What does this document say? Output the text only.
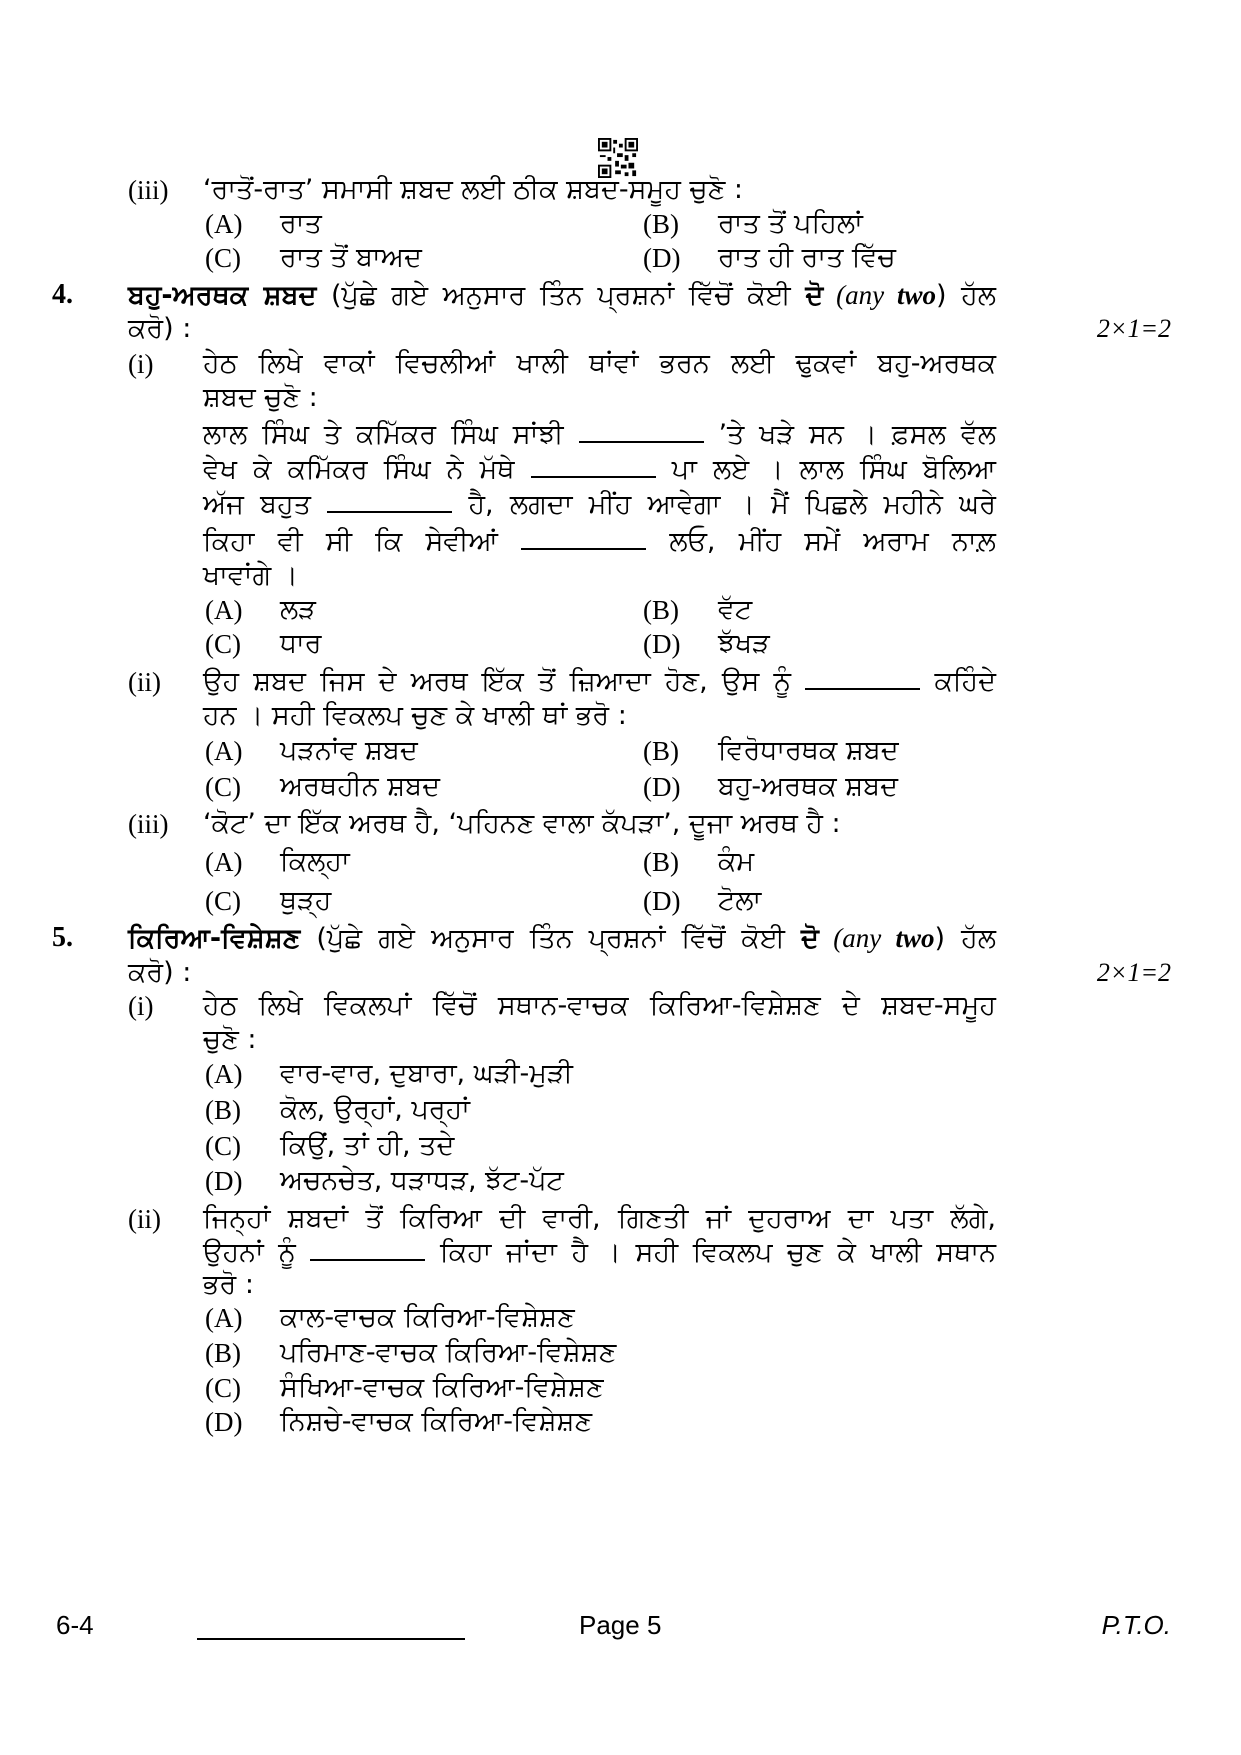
(iii) ‘ਰਾਤੋਂ-ਰਾਤ’ ਸਮਾਸੀ ਸ਼ਬਦ ਲਈ ਠੀਕ ਸ਼ਬਦ-ਸਮੂਹ ਚੁਣੋ :
(A) ਰਾਤ	(B) ਰਾਤ ਤੋਂ ਪਹਿਲਾਂ
(C) ਰਾਤ ਤੋਂ ਬਾਅਦ	(D) ਰਾਤ ਹੀ ਰਾਤ ਵਿੱਚ
4. ਬਹੁ-ਅਰਥਕ ਸ਼ਬਦ (ਪੁੱਛੇ ਗਏ ਅਨੁਸਾਰ ਤਿੰਨ ਪ੍ਰਸ਼ਨਾਂ ਵਿੱਚੋਂ ਕੋਈ ਦੋ (any two) ਹੱਲ
ਕਰੋ) :	2×1=2
(i) ਹੇਠ ਲਿਖੇ ਵਾਕਾਂ ਵਿਚਲੀਆਂ ਖਾਲੀ ਥਾਂਵਾਂ ਭਰਨ ਲਈ ਢੁਕਵਾਂ ਬਹੁ-ਅਰਥਕ
ਸ਼ਬਦ ਚੁਣੋ :
ਲਾਲ ਸਿੰਘ ਤੇ ਕਮਿੱਕਰ ਸਿੰਘ ਸਾਂਝੀ	’ਤੇ ਖੜੇ ਸਨ । ਫ਼ਸਲ ਵੱਲ
ਵੇਖ ਕੇ ਕਮਿੱਕਰ ਸਿੰਘ ਨੇ ਮੱਥੇ	ਪਾ ਲਏ । ਲਾਲ ਸਿੰਘ ਬੋਲਿਆ
ਅੱਜ ਬਹੁਤ	ਹੈ, ਲਗਦਾ ਮੀਂਹ ਆਵੇਗਾ । ਮੈਂ ਪਿਛਲੇ ਮਹੀਨੇ ਘਰੇ
ਕਿਹਾ ਵੀ ਸੀ ਕਿ ਸੇਵੀਆਂ	ਲਓ, ਮੀਂਹ ਸਮੇਂ ਅਰਾਮ ਨਾਲ਼
ਖਾਵਾਂਗੇ ।
(A) ਲੜ	(B) ਵੱਟ
(C) ਧਾਰ	(D) ਝੱਖੜ
(ii) ਉਹ ਸ਼ਬਦ ਜਿਸ ਦੇ ਅਰਥ ਇੱਕ ਤੋਂ ਜ਼ਿਆਦਾ ਹੋਣ, ਉਸ ਨੂੰ	ਕਹਿੰਦੇ
ਹਨ । ਸਹੀ ਵਿਕਲਪ ਚੁਣ ਕੇ ਖਾਲੀ ਥਾਂ ਭਰੋ :
(A) ਪੜਨਾਂਵ ਸ਼ਬਦ	(B) ਵਿਰੋਧਾਰਥਕ ਸ਼ਬਦ
(C) ਅਰਥਹੀਨ ਸ਼ਬਦ	(D) ਬਹੁ-ਅਰਥਕ ਸ਼ਬਦ
(iii) ‘ਕੋਟ’ ਦਾ ਇੱਕ ਅਰਥ ਹੈ, ‘ਪਹਿਨਣ ਵਾਲਾ ਕੱਪੜਾ’, ਦੂਜਾ ਅਰਥ ਹੈ :
(A) ਕਿਲ੍ਹਾ	(B) ਕੰਮ
(C) ਥੁੜ੍ਹ	(D) ਟੋਲਾ
5. ਕਿਰਿਆ-ਵਿਸ਼ੇਸ਼ਣ (ਪੁੱਛੇ ਗਏ ਅਨੁਸਾਰ ਤਿੰਨ ਪ੍ਰਸ਼ਨਾਂ ਵਿੱਚੋਂ ਕੋਈ ਦੋ (any two) ਹੱਲ
ਕਰੋ) :	2×1=2
(i) ਹੇਠ ਲਿਖੇ ਵਿਕਲਪਾਂ ਵਿੱਚੋਂ ਸਥਾਨ-ਵਾਚਕ ਕਿਰਿਆ-ਵਿਸ਼ੇਸ਼ਣ ਦੇ ਸ਼ਬਦ-ਸਮੂਹ
ਚੁਣੋ :
(A) ਵਾਰ-ਵਾਰ, ਦੁਬਾਰਾ, ਘੜੀ-ਮੁੜੀ
(B) ਕੋਲ, ਉਰ੍ਹਾਂ, ਪਰ੍ਹਾਂ
(C) ਕਿਉਂ, ਤਾਂ ਹੀ, ਤਦੇ
(D) ਅਚਨਚੇਤ, ਧੜਾਧੜ, ਝੱਟ-ਪੱਟ
(ii) ਜਿਨ੍ਹਾਂ ਸ਼ਬਦਾਂ ਤੋਂ ਕਿਰਿਆ ਦੀ ਵਾਰੀ, ਗਿਣਤੀ ਜਾਂ ਦੁਹਰਾਅ ਦਾ ਪਤਾ ਲੱਗੇ,
ਉਹਨਾਂ ਨੂੰ	ਕਿਹਾ ਜਾਂਦਾ ਹੈ । ਸਹੀ ਵਿਕਲਪ ਚੁਣ ਕੇ ਖਾਲੀ ਸਥਾਨ
ਭਰੋ :
(A) ਕਾਲ-ਵਾਚਕ ਕਿਰਿਆ-ਵਿਸ਼ੇਸ਼ਣ
(B) ਪਰਿਮਾਣ-ਵਾਚਕ ਕਿਰਿਆ-ਵਿਸ਼ੇਸ਼ਣ
(C) ਸੰਖਿਆ-ਵਾਚਕ ਕਿਰਿਆ-ਵਿਸ਼ੇਸ਼ਣ
(D) ਨਿਸ਼ਚੇ-ਵਾਚਕ ਕਿਰਿਆ-ਵਿਸ਼ੇਸ਼ਣ
6-4	Page 5	P.T.O.
